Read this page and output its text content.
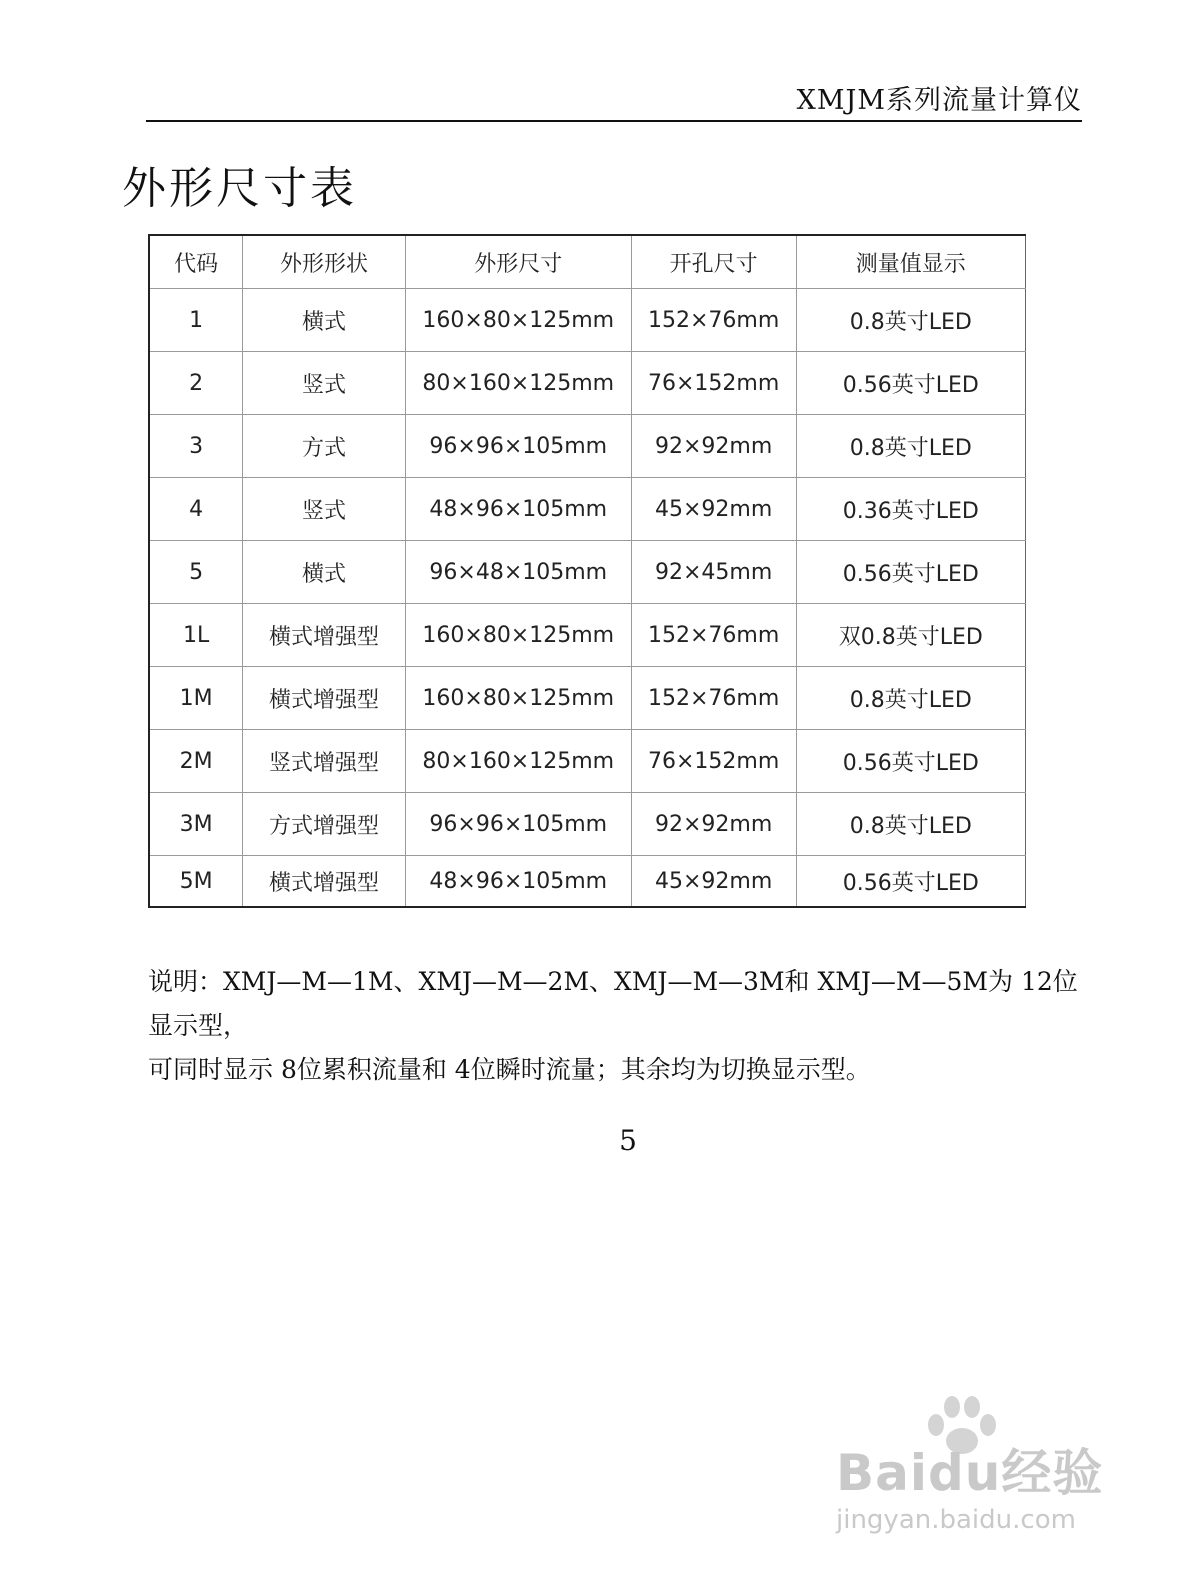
XMJM系列流量计算仪
外形尺寸表
代码	外形形状	外形尺寸	开孔尺寸	测量值显示
1	横式	160×80×125mm	152×76mm	0.8英寸LED
2	竖式	80×160×125mm	76×152mm	0.56英寸LED
3	方式	96×96×105mm	92×92mm	0.8英寸LED
4	竖式	48×96×105mm	45×92mm	0.36英寸LED
5	横式	96×48×105mm	92×45mm	0.56英寸LED
1L	横式增强型	160×80×125mm	152×76mm	双0.8英寸LED
1M	横式增强型	160×80×125mm	152×76mm	0.8英寸LED
2M	竖式增强型	80×160×125mm	76×152mm	0.56英寸LED
3M	方式增强型	96×96×105mm	92×92mm	0.8英寸LED
5M	横式增强型	48×96×105mm	45×92mm	0.56英寸LED
说明：XMJ—M—1M、XMJ—M—2M、XMJ—M—3M和 XMJ—M—5M为 12位显示型，
可同时显示 8位累积流量和 4位瞬时流量；其余均为切换显示型。
5
Baidu经验
jingyan.baidu.com
